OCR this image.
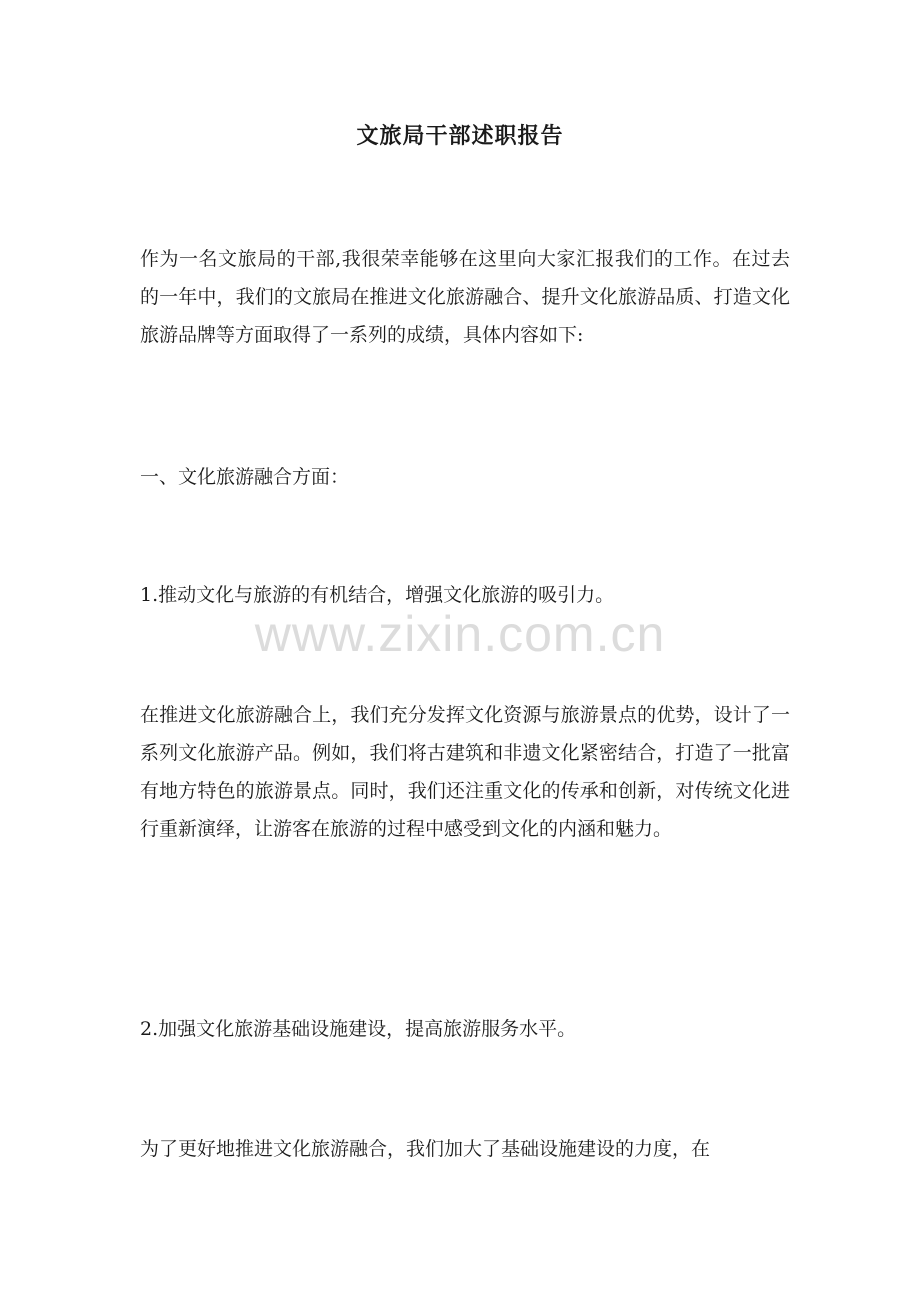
文旅局干部述职报告

作为一名文旅局的干部,我很荣幸能够在这里向大家汇报我们的工作。在过去的一年中，我们的文旅局在推进文化旅游融合、提升文化旅游品质、打造文化旅游品牌等方面取得了一系列的成绩，具体内容如下:

一、文化旅游融合方面：

1.推动文化与旅游的有机结合，增强文化旅游的吸引力。

www.zixin.com.cn

在推进文化旅游融合上，我们充分发挥文化资源与旅游景点的优势，设计了一系列文化旅游产品。例如，我们将古建筑和非遗文化紧密结合，打造了一批富有地方特色的旅游景点。同时，我们还注重文化的传承和创新，对传统文化进行重新演绎，让游客在旅游的过程中感受到文化的内涵和魅力。

2.加强文化旅游基础设施建设，提高旅游服务水平。

为了更好地推进文化旅游融合，我们加大了基础设施建设的力度，在
